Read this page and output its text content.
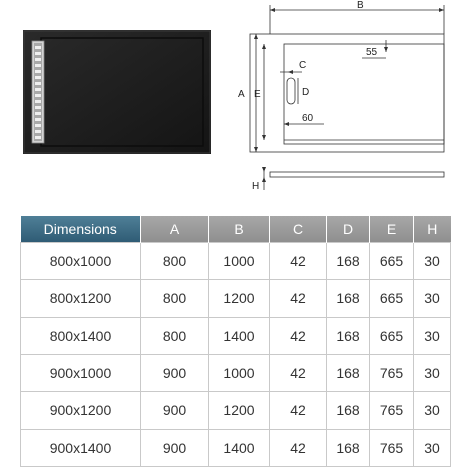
B
A E
C
D
60
55
H
Dimensions	A	B	C	D	E	H
800x1000	800	1000	42	168	665	30
800x1200	800	1200	42	168	665	30
800x1400	800	1400	42	168	665	30
900x1000	900	1000	42	168	765	30
900x1200	900	1200	42	168	765	30
900x1400	900	1400	42	168	765	30
